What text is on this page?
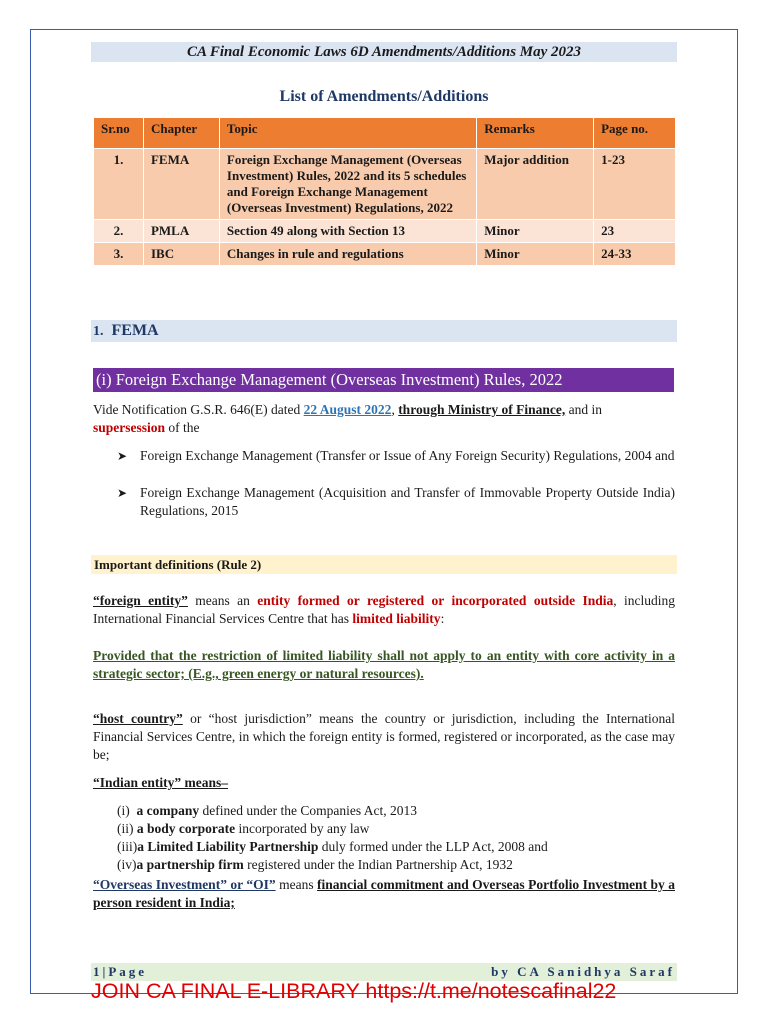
CA Final Economic Laws 6D Amendments/Additions May 2023
List of Amendments/Additions
Sr.no	Chapter	Topic	Remarks	Page no.
1.	FEMA	Foreign Exchange Management (Overseas Investment) Rules, 2022 and its 5 schedules and Foreign Exchange Management (Overseas Investment) Regulations, 2022	Major addition	1-23
2.	PMLA	Section 49 along with Section 13	Minor	23
3.	IBC	Changes in rule and regulations	Minor	24-33
1. FEMA
(i) Foreign Exchange Management (Overseas Investment) Rules, 2022
Vide Notification G.S.R. 646(E) dated 22 August 2022, through Ministry of Finance, and in
supersession of the
➤ Foreign Exchange Management (Transfer or Issue of Any Foreign Security) Regulations, 2004 and
➤ Foreign Exchange Management (Acquisition and Transfer of Immovable Property Outside India) Regulations, 2015
Important definitions (Rule 2)
“foreign entity” means an entity formed or registered or incorporated outside India, including International Financial Services Centre that has limited liability:
Provided that the restriction of limited liability shall not apply to an entity with core activity in a strategic sector; (E.g., green energy or natural resources).
“host country” or “host jurisdiction” means the country or jurisdiction, including the International Financial Services Centre, in which the foreign entity is formed, registered or incorporated, as the case may be;
“Indian entity” means–
(i) a company defined under the Companies Act, 2013
(ii) a body corporate incorporated by any law
(iii)a Limited Liability Partnership duly formed under the LLP Act, 2008 and
(iv)a partnership firm registered under the Indian Partnership Act, 1932
“Overseas Investment” or “OI” means financial commitment and Overseas Portfolio Investment by a person resident in India;
1|Page	by CA Sanidhya Saraf
JOIN CA FINAL E-LIBRARY https://t.me/notescafinal22
